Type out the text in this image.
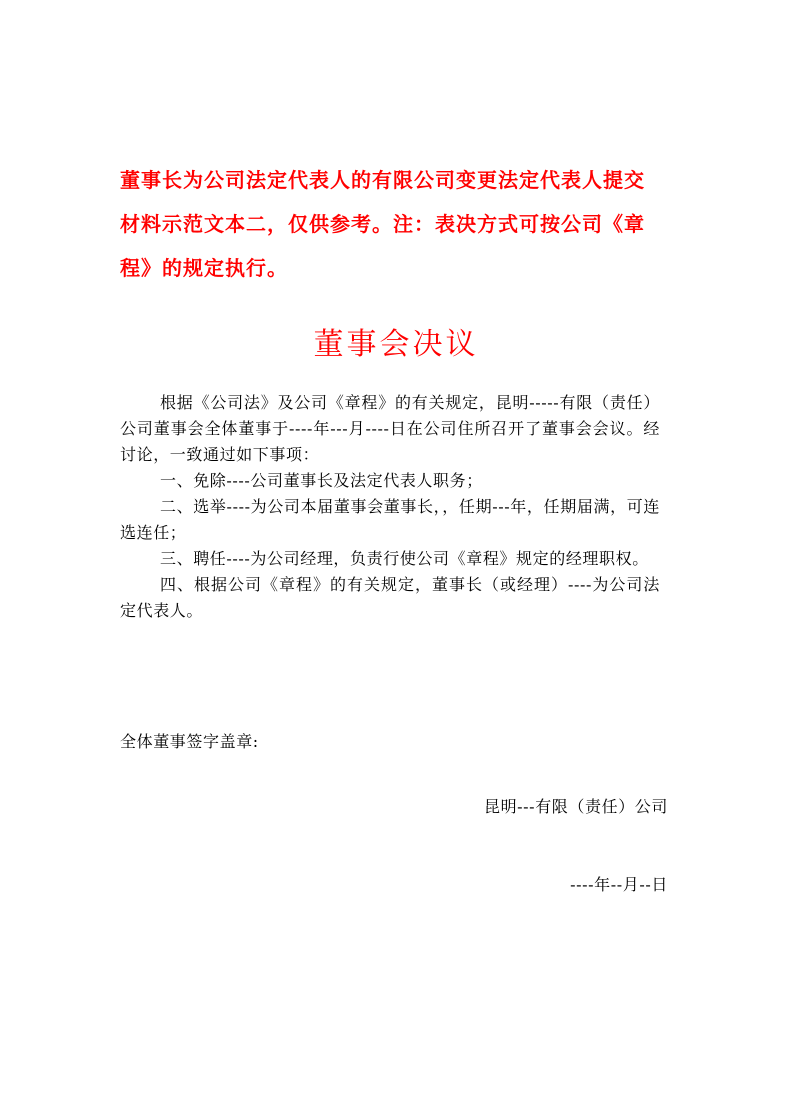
董事长为公司法定代表人的有限公司变更法定代表人提交材料示范文本二，仅供参考。注：表决方式可按公司《章程》的规定执行。
董事会决议

根据《公司法》及公司《章程》的有关规定，昆明-----有限（责任）公司董事会全体董事于----年---月----日在公司住所召开了董事会会议。经讨论，一致通过如下事项：

一、免除----公司董事长及法定代表人职务；

二、选举----为公司本届董事会董事长，，任期---年，任期届满，可连选连任；

三、聘任----为公司经理，负责行使公司《章程》规定的经理职权。

四、根据公司《章程》的有关规定，董事长（或经理）----为公司法定代表人。

全体董事签字盖章:
昆明---有限（责任）公司
----年--月--日
